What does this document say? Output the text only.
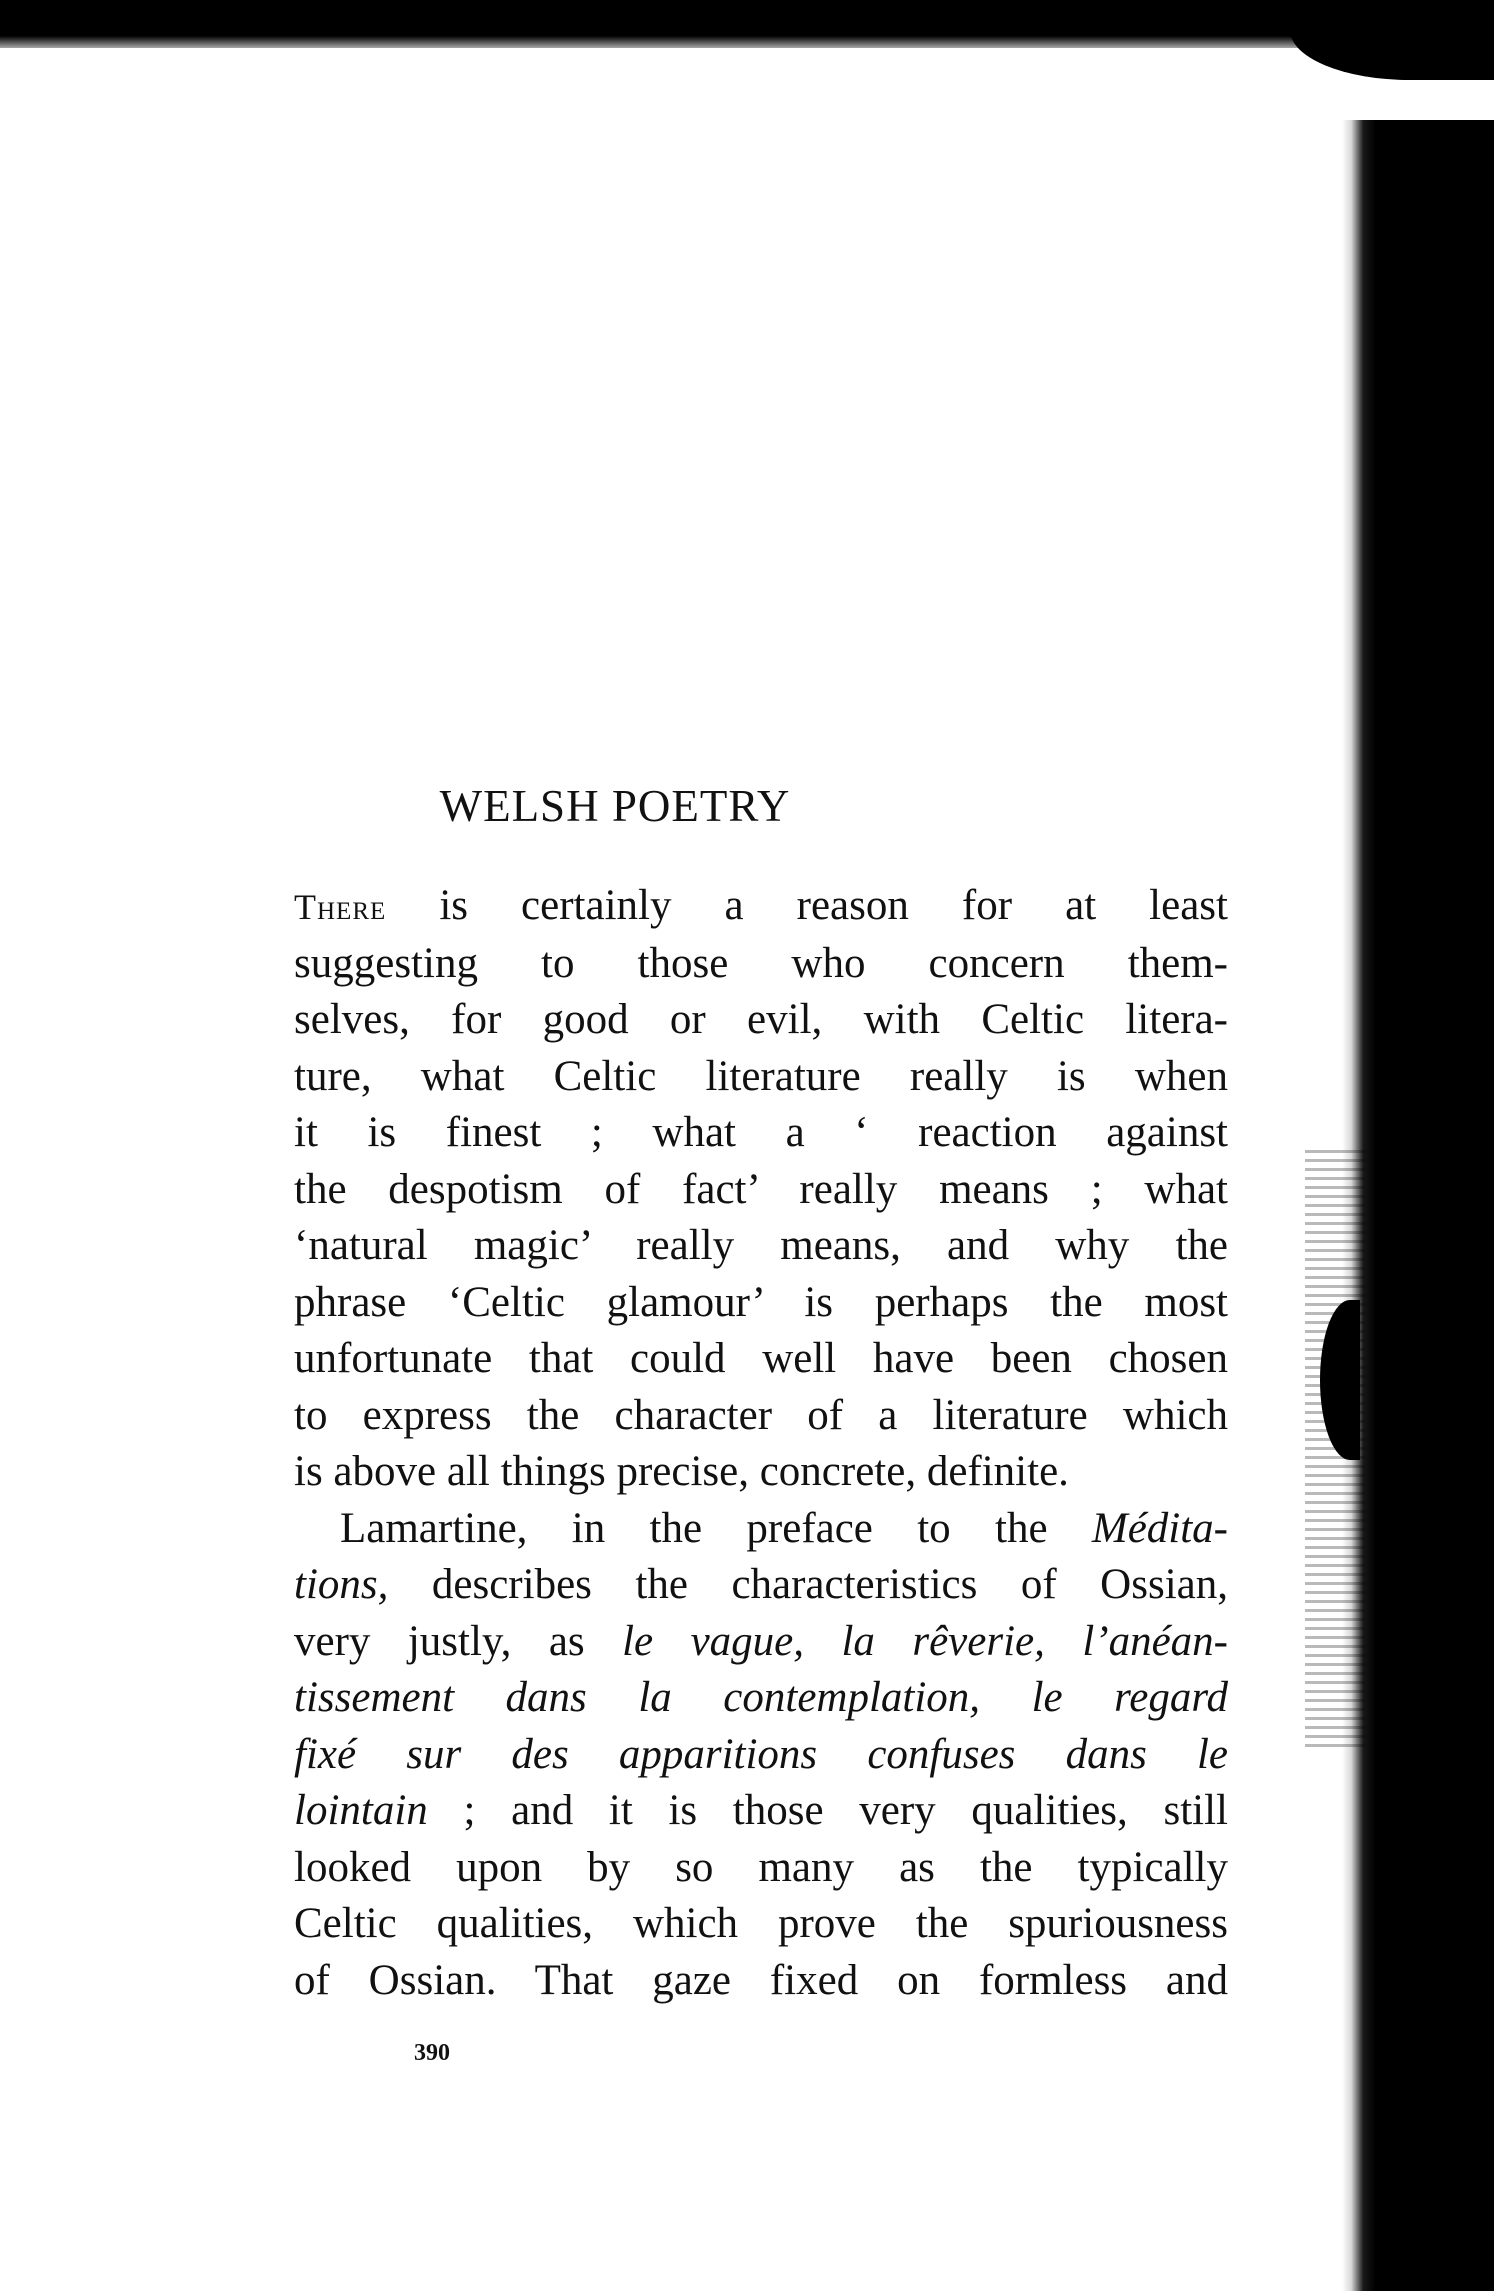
WELSH POETRY
There is certainly a reason for at least
suggesting to those who concern them-
selves, for good or evil, with Celtic litera-
ture, what Celtic literature really is when
it is finest ; what a ‘ reaction against
the despotism of fact’ really means ; what
‘natural magic’ really means, and why the
phrase ‘Celtic glamour’ is perhaps the most
unfortunate that could well have been chosen
to express the character of a literature which
is above all things precise, concrete, definite.
Lamartine, in the preface to the Médita-
tions, describes the characteristics of Ossian,
very justly, as le vague, la rêverie, l’anéan-
tissement dans la contemplation, le regard
fixé sur des apparitions confuses dans le
lointain ; and it is those very qualities, still
looked upon by so many as the typically
Celtic qualities, which prove the spuriousness
of Ossian. That gaze fixed on formless and
390
